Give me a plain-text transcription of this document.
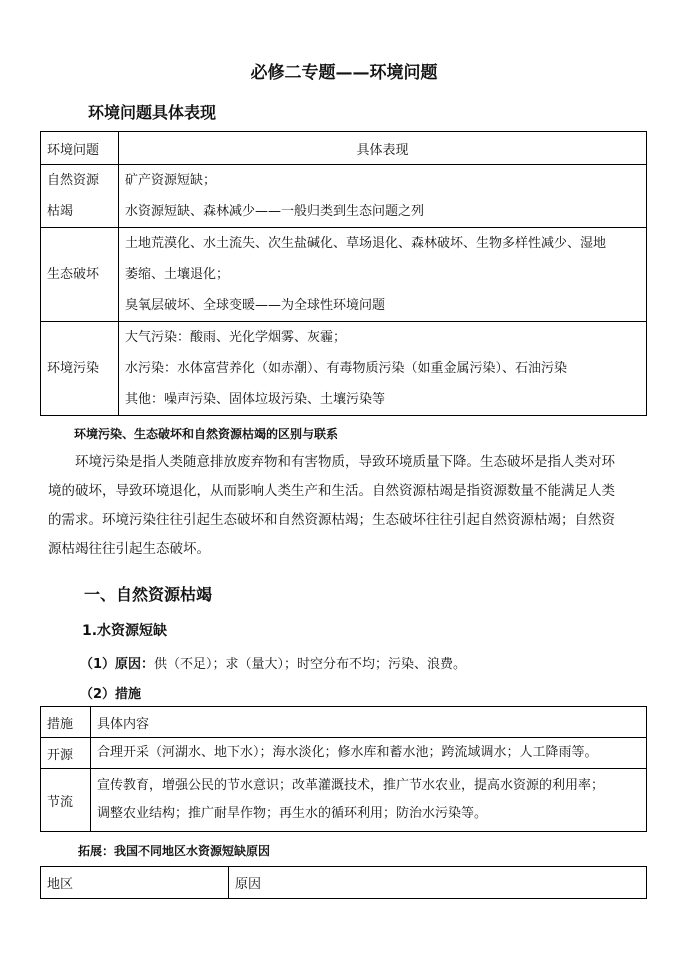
必修二专题——环境问题
环境问题具体表现
环境问题	具体表现

自然资源
枯竭	矿产资源短缺；
水资源短缺、森林减少——一般归类到生态问题之列

生态破坏	土地荒漠化、水土流失、次生盐碱化、草场退化、森林破坏、生物多样性减少、湿地
萎缩、土壤退化；
臭氧层破坏、全球变暖——为全球性环境问题

环境污染	大气污染：酸雨、光化学烟雾、灰霾；
水污染：水体富营养化（如赤潮）、有毒物质污染（如重金属污染）、石油污染
其他：噪声污染、固体垃圾污染、土壤污染等
环境污染、生态破坏和自然资源枯竭的区别与联系
环境污染是指人类随意排放废弃物和有害物质，导致环境质量下降。生态破坏是指人类对环
境的破坏，导致环境退化，从而影响人类生产和生活。自然资源枯竭是指资源数量不能满足人类
的需求。环境污染往往引起生态破坏和自然资源枯竭；生态破坏往往引起自然资源枯竭；自然资
源枯竭往往引起生态破坏。
一、自然资源枯竭
1.水资源短缺
（1）原因：供（不足）；求（量大）；时空分布不均；污染、浪费。
（2）措施
措施	具体内容
开源	合理开采（河湖水、地下水）；海水淡化；修水库和蓄水池；跨流域调水；人工降雨等。

节流	宣传教育，增强公民的节水意识；改革灌溉技术，推广节水农业，提高水资源的利用率；
调整农业结构；推广耐旱作物；再生水的循环利用；防治水污染等。
拓展：我国不同地区水资源短缺原因
地区	原因
